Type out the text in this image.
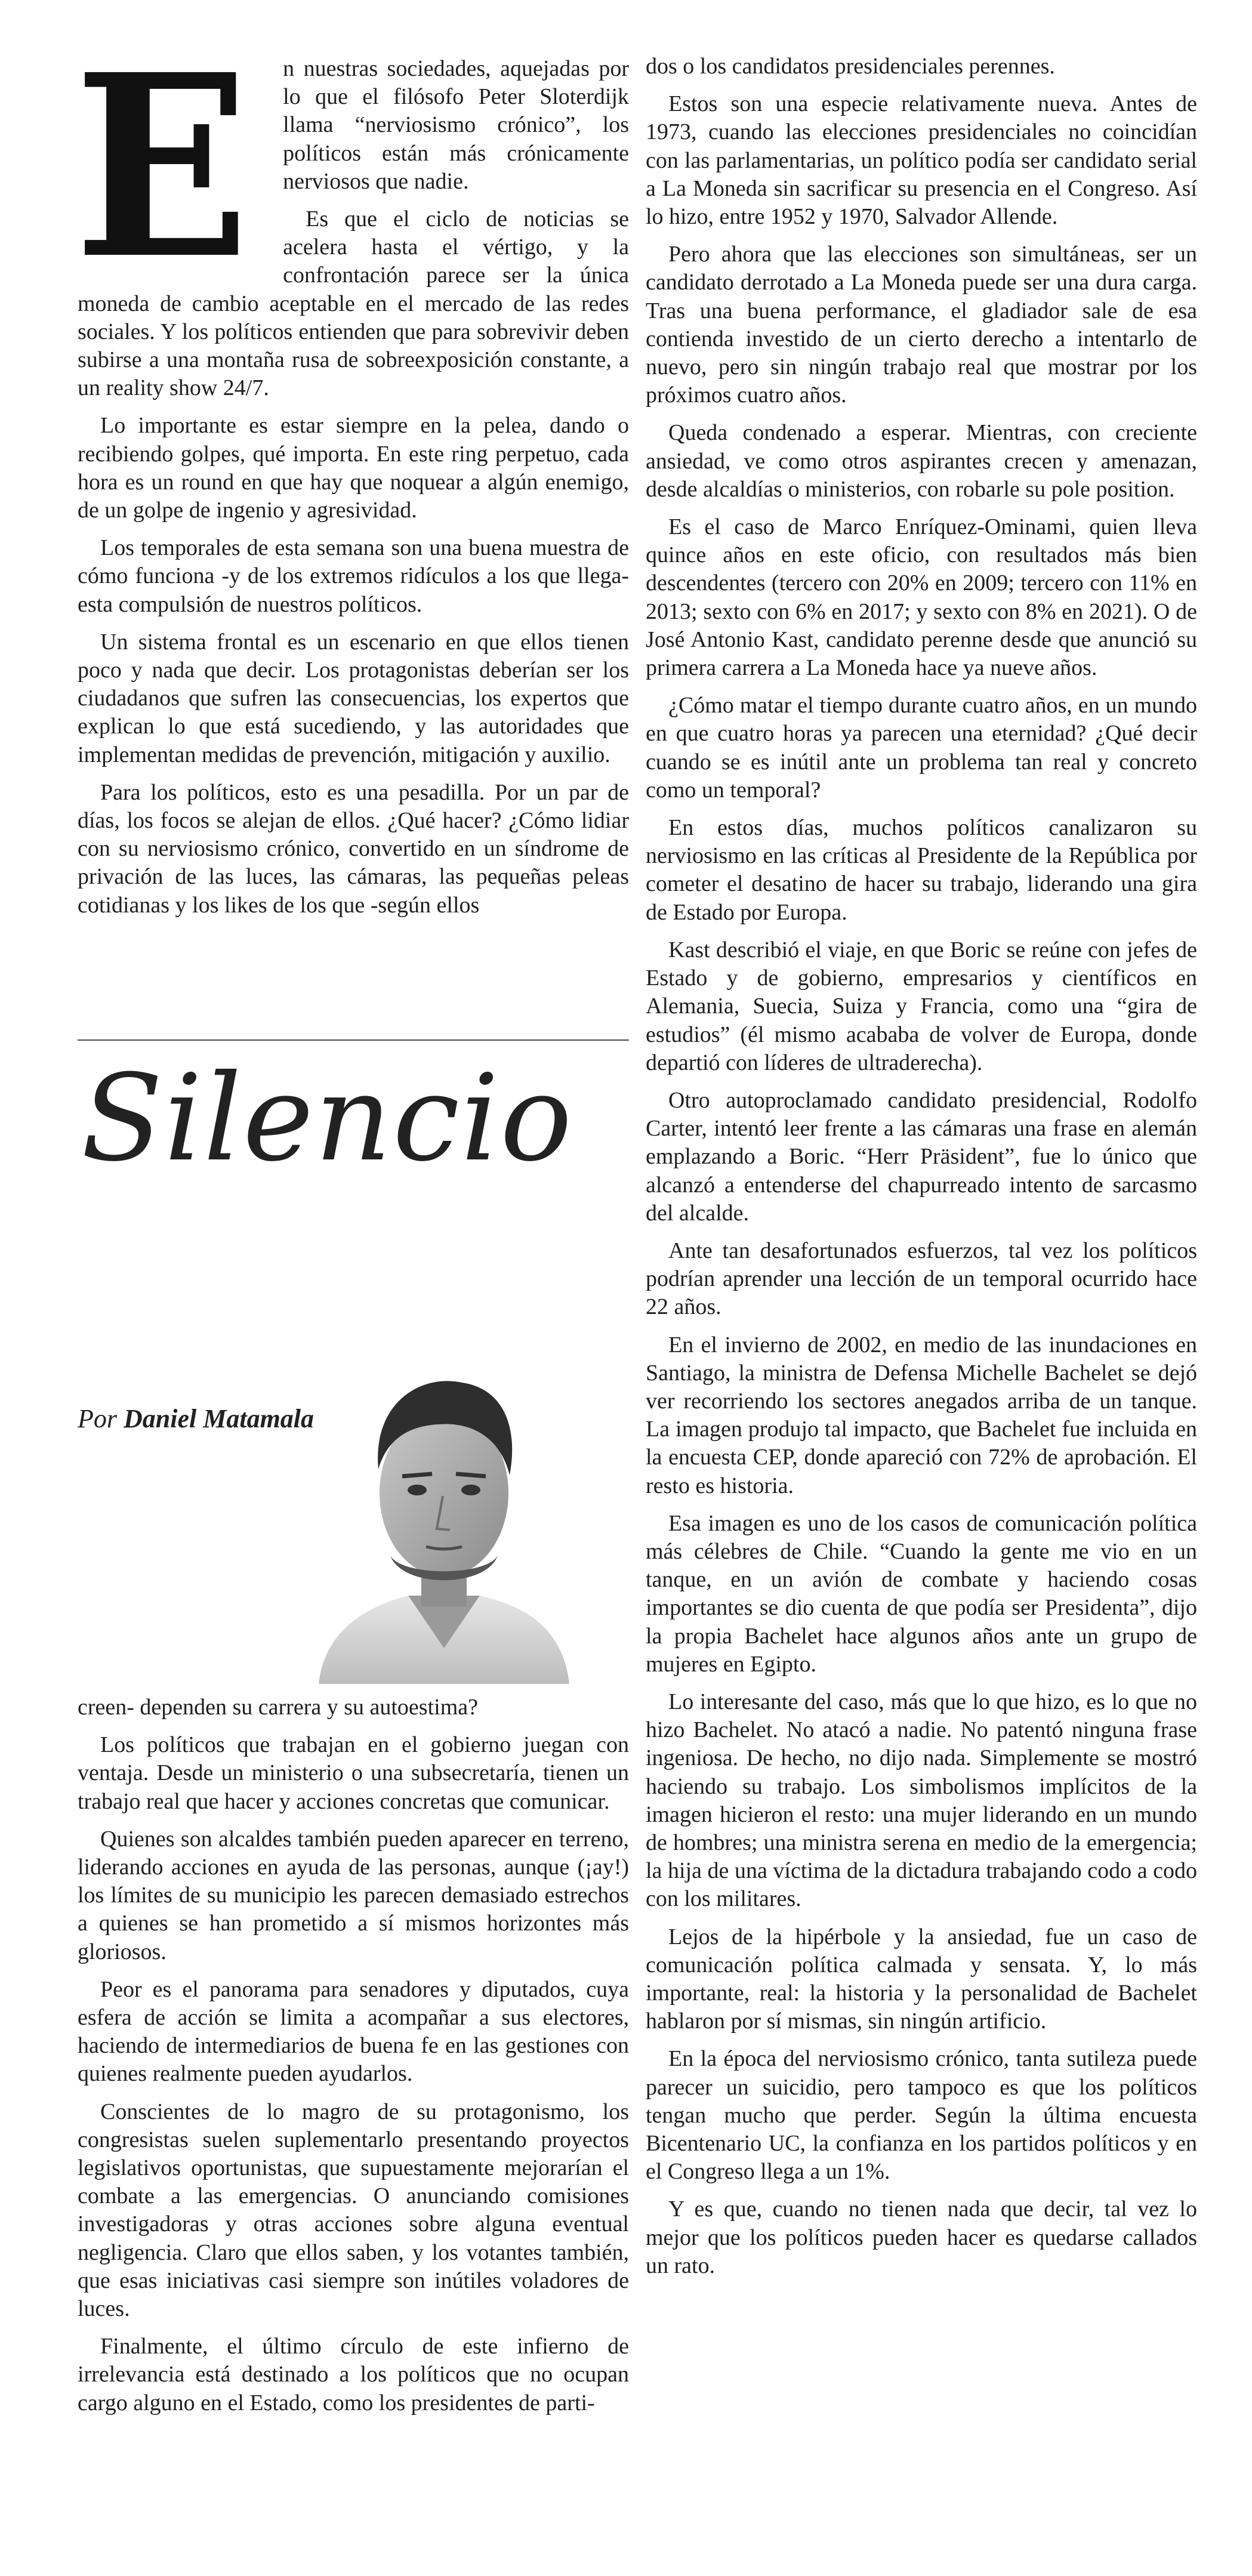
E	n nuestras sociedades, aquejadas por lo que el filósofo Peter Sloterdijk llama “nerviosismo crónico”, los políticos están más crónicamente nerviosos que nadie.

Es que el ciclo de noticias se acelera hasta el vértigo, y la confrontación parece ser la única moneda de cambio aceptable en el mercado de las redes sociales. Y los políticos entienden que para sobrevivir deben subirse a una montaña rusa de sobreexposición constante, a un reality show 24/7.

Lo importante es estar siempre en la pelea, dando o recibiendo golpes, qué importa. En este ring perpetuo, cada hora es un round en que hay que noquear a algún enemigo, de un golpe de ingenio y agresividad.

Los temporales de esta semana son una buena muestra de cómo funciona -y de los extremos ridículos a los que llega- esta compulsión de nuestros políticos.

Un sistema frontal es un escenario en que ellos tienen poco y nada que decir. Los protagonistas deberían ser los ciudadanos que sufren las consecuencias, los expertos que explican lo que está sucediendo, y las autoridades que implementan medidas de prevención, mitigación y auxilio.

Para los políticos, esto es una pesadilla. Por un par de días, los focos se alejan de ellos. ¿Qué hacer? ¿Cómo lidiar con su nerviosismo crónico, convertido en un síndrome de privación de las luces, las cámaras, las pequeñas peleas cotidianas y los likes de los que -según ellos

Silencio
Por Daniel Matamala

creen- dependen su carrera y su autoestima?

Los políticos que trabajan en el gobierno juegan con ventaja. Desde un ministerio o una subsecretaría, tienen un trabajo real que hacer y acciones concretas que comunicar.

Quienes son alcaldes también pueden aparecer en terreno, liderando acciones en ayuda de las personas, aunque (¡ay!) los límites de su municipio les parecen demasiado estrechos a quienes se han prometido a sí mismos horizontes más gloriosos.

Peor es el panorama para senadores y diputados, cuya esfera de acción se limita a acompañar a sus electores, haciendo de intermediarios de buena fe en las gestiones con quienes realmente pueden ayudarlos.

Conscientes de lo magro de su protagonismo, los congresistas suelen suplementarlo presentando proyectos legislativos oportunistas, que supuestamente mejorarían el combate a las emergencias. O anunciando comisiones investigadoras y otras acciones sobre alguna eventual negligencia. Claro que ellos saben, y los votantes también, que esas iniciativas casi siempre son inútiles voladores de luces.

Finalmente, el último círculo de este infierno de irrelevancia está destinado a los políticos que no ocupan cargo alguno en el Estado, como los presidentes de parti-

dos o los candidatos presidenciales perennes.

Estos son una especie relativamente nueva. Antes de 1973, cuando las elecciones presidenciales no coincidían con las parlamentarias, un político podía ser candidato serial a La Moneda sin sacrificar su presencia en el Congreso. Así lo hizo, entre 1952 y 1970, Salvador Allende.

Pero ahora que las elecciones son simultáneas, ser un candidato derrotado a La Moneda puede ser una dura carga. Tras una buena performance, el gladiador sale de esa contienda investido de un cierto derecho a intentarlo de nuevo, pero sin ningún trabajo real que mostrar por los próximos cuatro años.

Queda condenado a esperar. Mientras, con creciente ansiedad, ve como otros aspirantes crecen y amenazan, desde alcaldías o ministerios, con robarle su pole position.

Es el caso de Marco Enríquez-Ominami, quien lleva quince años en este oficio, con resultados más bien descendentes (tercero con 20% en 2009; tercero con 11% en 2013; sexto con 6% en 2017; y sexto con 8% en 2021). O de José Antonio Kast, candidato perenne desde que anunció su primera carrera a La Moneda hace ya nueve años.

¿Cómo matar el tiempo durante cuatro años, en un mundo en que cuatro horas ya parecen una eternidad? ¿Qué decir cuando se es inútil ante un problema tan real y concreto como un temporal?

En estos días, muchos políticos canalizaron su nerviosismo en las críticas al Presidente de la República por cometer el desatino de hacer su trabajo, liderando una gira de Estado por Europa.

Kast describió el viaje, en que Boric se reúne con jefes de Estado y de gobierno, empresarios y científicos en Alemania, Suecia, Suiza y Francia, como una “gira de estudios” (él mismo acababa de volver de Europa, donde departió con líderes de ultraderecha).

Otro autoproclamado candidato presidencial, Rodolfo Carter, intentó leer frente a las cámaras una frase en alemán emplazando a Boric. “Herr Präsident”, fue lo único que alcanzó a entenderse del chapurreado intento de sarcasmo del alcalde.

Ante tan desafortunados esfuerzos, tal vez los políticos podrían aprender una lección de un temporal ocurrido hace 22 años.

En el invierno de 2002, en medio de las inundaciones en Santiago, la ministra de Defensa Michelle Bachelet se dejó ver recorriendo los sectores anegados arriba de un tanque. La imagen produjo tal impacto, que Bachelet fue incluida en la encuesta CEP, donde apareció con 72% de aprobación. El resto es historia.

Esa imagen es uno de los casos de comunicación política más célebres de Chile. “Cuando la gente me vio en un tanque, en un avión de combate y haciendo cosas importantes se dio cuenta de que podía ser Presidenta”, dijo la propia Bachelet hace algunos años ante un grupo de mujeres en Egipto.

Lo interesante del caso, más que lo que hizo, es lo que no hizo Bachelet. No atacó a nadie. No patentó ninguna frase ingeniosa. De hecho, no dijo nada. Simplemente se mostró haciendo su trabajo. Los simbolismos implícitos de la imagen hicieron el resto: una mujer liderando en un mundo de hombres; una ministra serena en medio de la emergencia; la hija de una víctima de la dictadura trabajando codo a codo con los militares.

Lejos de la hipérbole y la ansiedad, fue un caso de comunicación política calmada y sensata. Y, lo más importante, real: la historia y la personalidad de Bachelet hablaron por sí mismas, sin ningún artificio.

En la época del nerviosismo crónico, tanta sutileza puede parecer un suicidio, pero tampoco es que los políticos tengan mucho que perder. Según la última encuesta Bicentenario UC, la confianza en los partidos políticos y en el Congreso llega a un 1%.

Y es que, cuando no tienen nada que decir, tal vez lo mejor que los políticos pueden hacer es quedarse callados un rato.
